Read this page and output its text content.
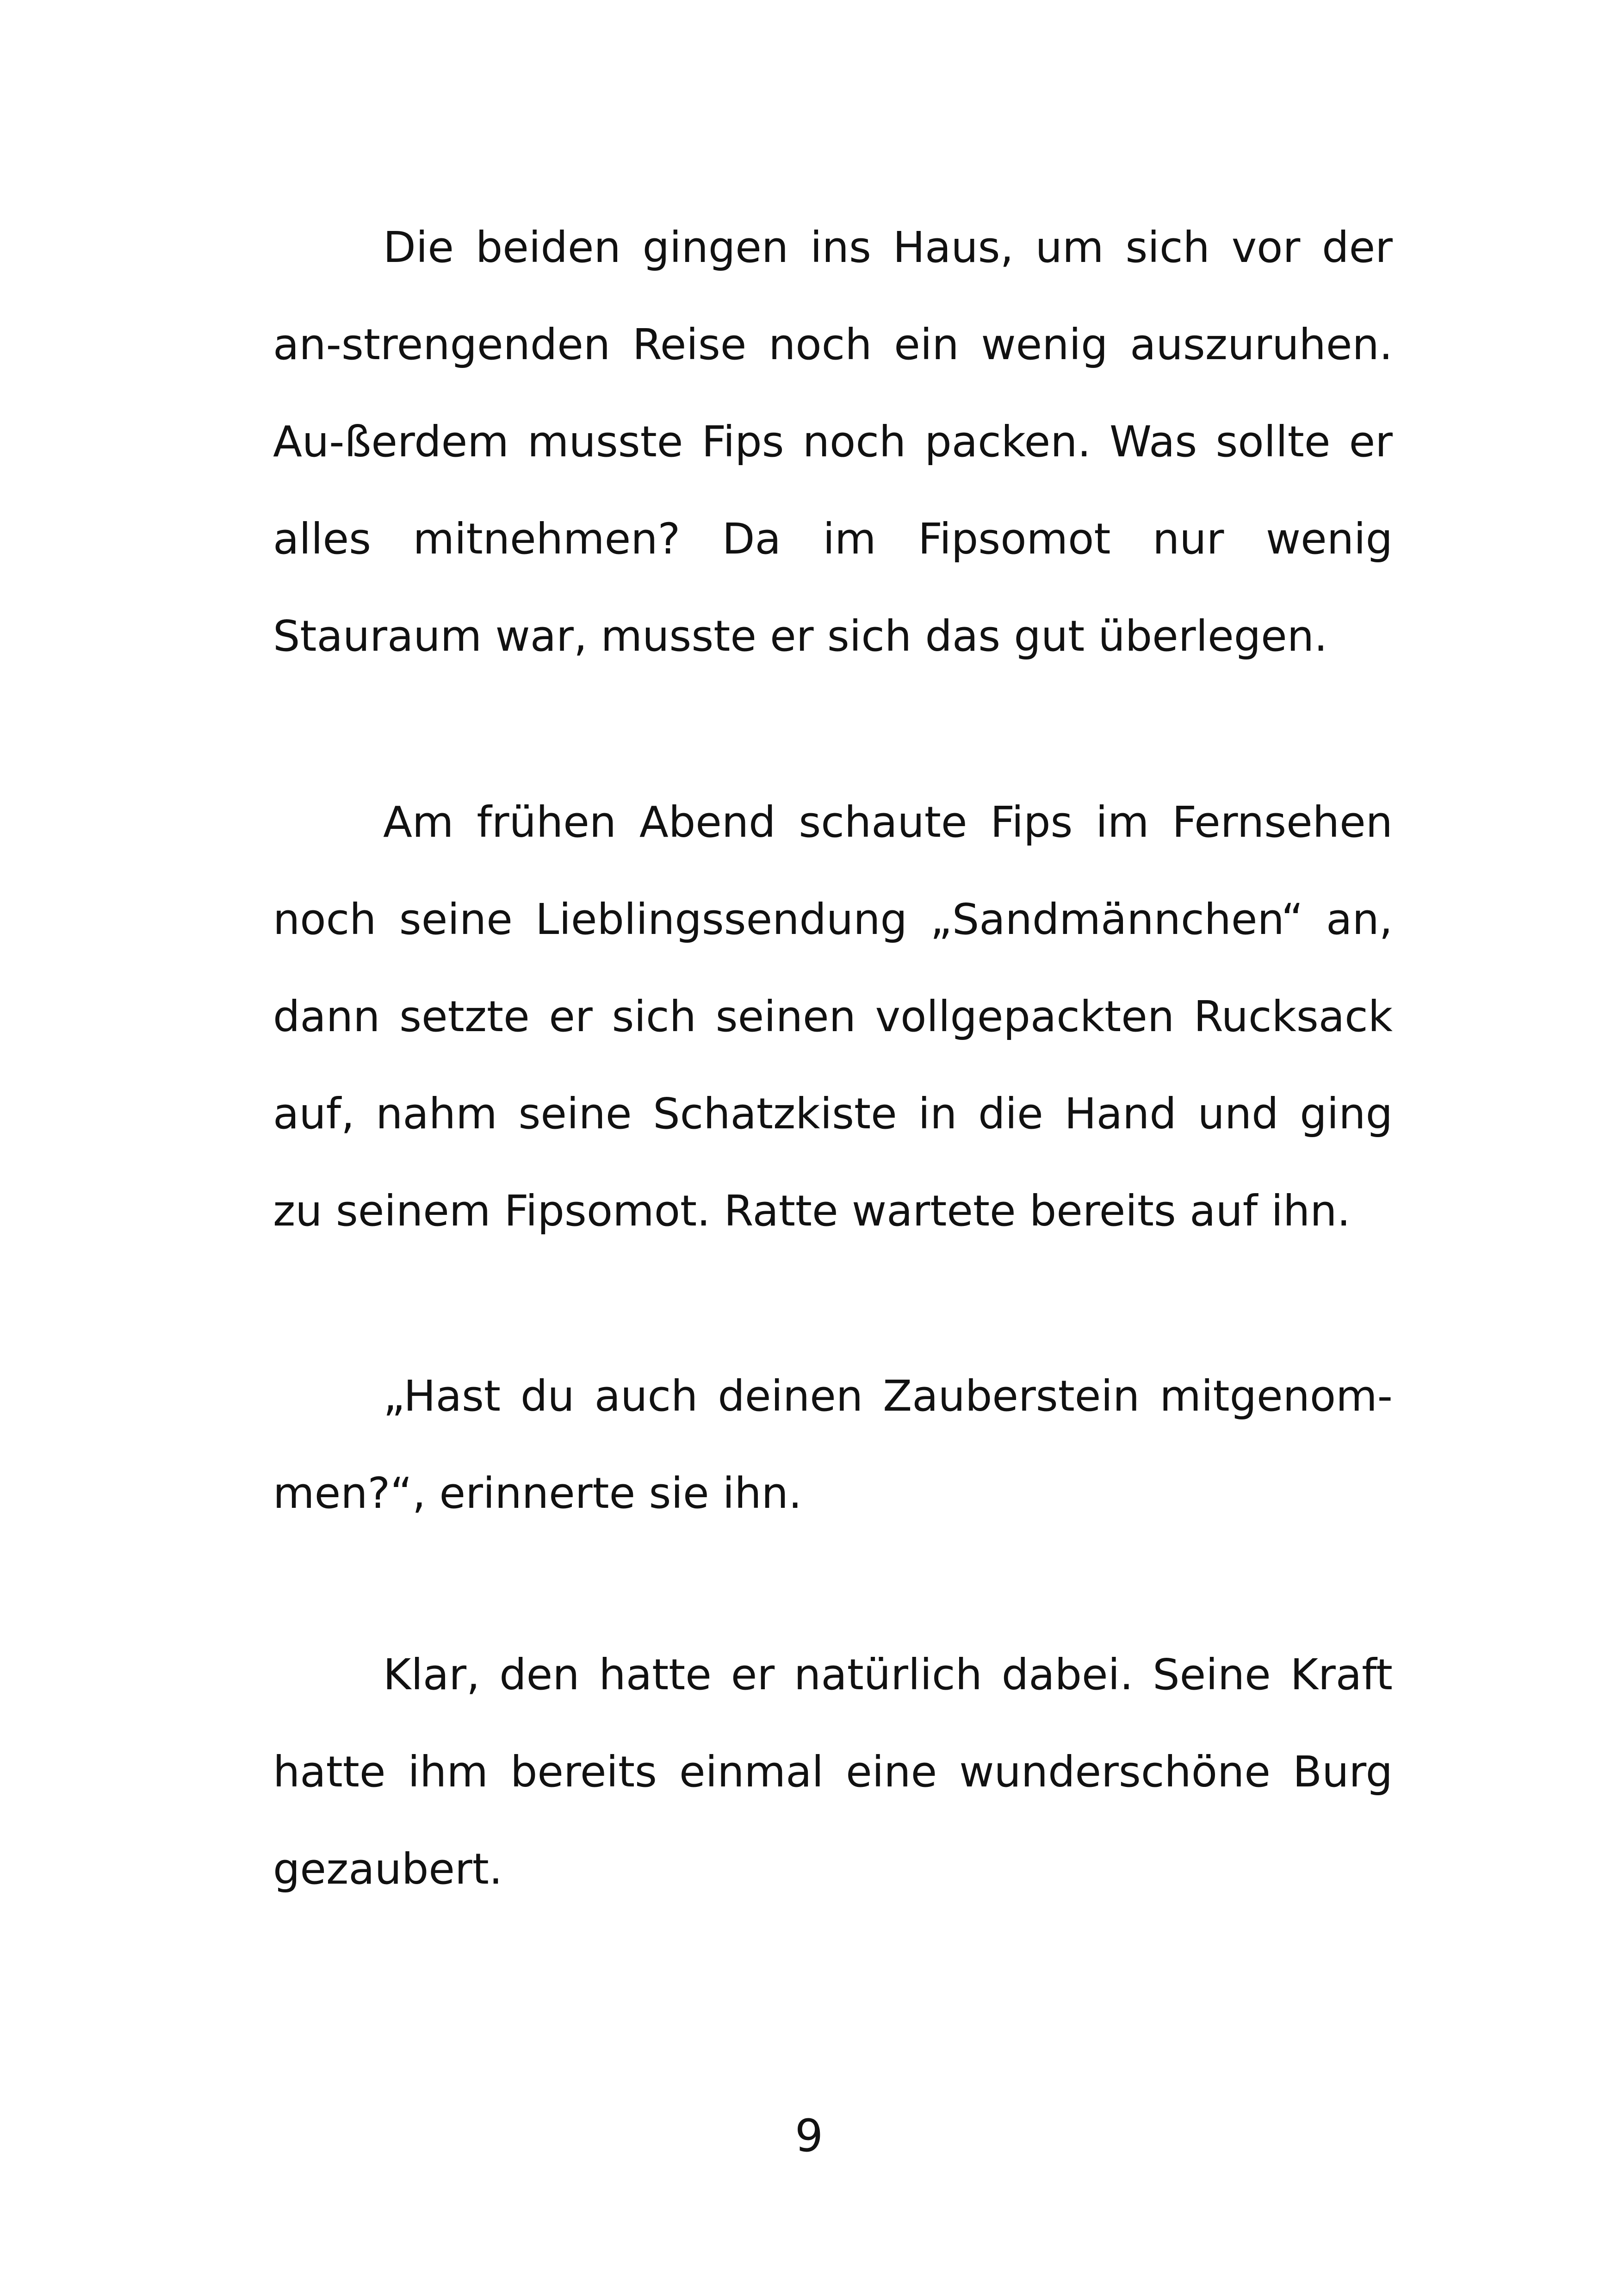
Die beiden gingen ins Haus, um sich vor der an-strengenden Reise noch ein wenig auszuruhen. Au-ßerdem musste Fips noch packen. Was sollte er alles mitnehmen? Da im Fipsomot nur wenig Stauraum war, musste er sich das gut überlegen.

Am frühen Abend schaute Fips im Fernsehen noch seine Lieblingssendung „Sandmännchen“ an, dann setzte er sich seinen vollgepackten Rucksack auf, nahm seine Schatzkiste in die Hand und ging zu seinem Fipsomot. Ratte wartete bereits auf ihn.

„Hast du auch deinen Zauberstein mitgenom-men?“, erinnerte sie ihn.

Klar, den hatte er natürlich dabei. Seine Kraft hatte ihm bereits einmal eine wunderschöne Burg gezaubert.

9
